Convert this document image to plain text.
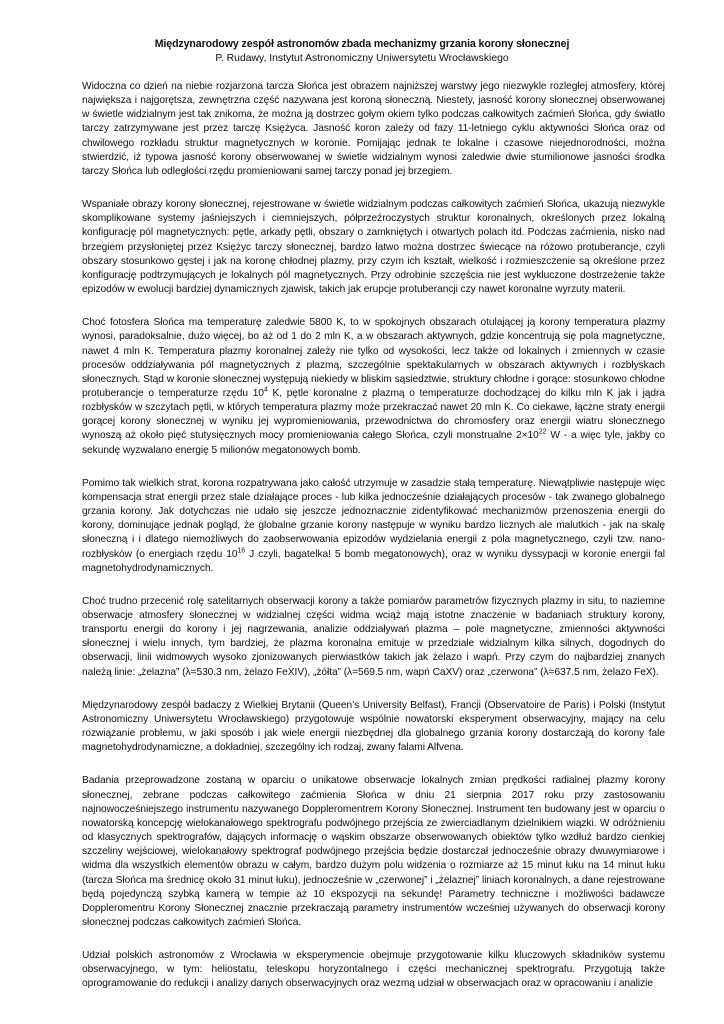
Międzynarodowy zespół astronomów zbada mechanizmy grzania korony słonecznej
P. Rudawy, Instytut Astronomiczny Uniwersytetu Wrocławskiego

Widoczna co dzień na niebie rozjarzona tarcza Słońca jest obrazem najniższej warstwy jego niezwykle rozległej atmosfery, której największa i najgorętsza, zewnętrzna część nazywana jest koroną słoneczną. Niestety, jasność korony słonecznej obserwowanej w świetle widzialnym jest tak znikoma, że można ją dostrzec gołym okiem tylko podczas całkowitych zaćmień Słońca, gdy światło tarczy zatrzymywane jest przez tarczę Księżyca. Jasność koron zależy od fazy 11-letniego cyklu aktywności Słońca oraz od chwilowego rozkładu struktur magnetycznych w koronie. Pomijając jednak te lokalne i czasowe niejednorodności, można stwierdzić, iż typowa jasność korony obserwowanej w świetle widzialnym wynosi zaledwie dwie stumilionowe jasności środka tarczy Słońca lub odległości rzędu promieniowani samej tarczy ponad jej brzegiem.

Wspaniałe obrazy korony słonecznej, rejestrowane w świetle widzialnym podczas całkowitych zaćmień Słońca, ukazują niezwykle skomplikowane systemy jaśniejszych i ciemniejszych, półprzeźroczystych struktur koronalnych, określonych przez lokalną konfigurację pól magnetycznych: pętle, arkady pętli, obszary o zamkniętych i otwartych polach itd. Podczas zaćmienia, nisko nad brzegiem przysłoniętej przez Księżyc tarczy słonecznej, bardzo łatwo można dostrzec świecące na różowo protuberancje, czyli obszary stosunkowo gęstej i jak na koronę chłodnej plazmy, przy czym ich kształt, wielkość i rozmieszczenie są określone przez konfigurację podtrzymujących je lokalnych pól magnetycznych. Przy odrobinie szczęścia nie jest wykluczone dostrzeżenie także epizodów w ewolucji bardziej dynamicznych zjawisk, takich jak erupcje protuberancji czy nawet koronalne wyrzuty materii.

Choć fotosfera Słońca ma temperaturę zaledwie 5800 K, to w spokojnych obszarach otulającej ją korony temperatura plazmy wynosi, paradoksalnie, dużo więcej, bo aż od 1 do 2 mln K, a w obszarach aktywnych, gdzie koncentrują się pola magnetyczne, nawet 4 mln K. Temperatura plazmy koronalnej zależy nie tylko od wysokości, lecz także od lokalnych i zmiennych w czasie procesów oddziaływania pól magnetycznych z plazmą, szczególnie spektakularnych w obszarach aktywnych i rozbłyskach słonecznych. Stąd w koronie słonecznej występują niekiedy w bliskim sąsiedztwie, struktury chłodne i gorące: stosunkowo chłodne protuberancje o temperaturze rzędu $10^4$ K, pętle koronalne z plazmą o temperaturze dochodzącej do kilku mln K jak i jądra rozbłysków w szczytach pętli, w których temperatura plazmy może przekraczać nawet 20 mln K. Co ciekawe, łączne straty energii gorącej korony słonecznej w wyniku jej wypromieniowania, przewodnictwa do chromosfery oraz energii wiatru słonecznego wynoszą aż około pięć stutysięcznych mocy promieniowania całego Słońca, czyli monstrualne $2\times 10^{22}$ W - a więc tyle, jakby co sekundę wyzwalano energię 5 milionów megatonowych bomb.

Pomimo tak wielkich strat, korona rozpatrywana jako całość utrzymuje w zasadzie stałą temperaturę. Niewątpliwie następuje więc kompensacja strat energii przez stale działające proces - lub kilka jednocześnie działających procesów - tak zwanego globalnego grzania korony. Jak dotychczas nie udało się jeszcze jednoznacznie zidentyfikować mechanizmów przenoszenia energii do korony, dominujące jednak pogląd, że globalne grzanie korony następuje w wyniku bardzo licznych ale malutkich - jak na skalę słoneczną i i dlatego niemożliwych do zaobserwowania epizodów wydzielania energii z pola magnetycznego, czyli tzw. nano-rozbłysków (o energiach rzędu $10^{16}$ J czyli, bagatelka! 5 bomb megatonowych), oraz w wyniku dyssypacji w koronie energii fal magnetohydrodynamicznych.

Choć trudno przecenić rolę satelitarnych obserwacji korony a także pomiarów parametrów fizycznych plazmy in situ, to naziemne obserwacje atmosfery słonecznej w widzialnej części widma wciąż mają istotne znaczenie w badaniach struktury korony, transportu energii do korony i jej nagrzewania, analizie oddziaływań plazma – pole magnetyczne, zmienności aktywności słonecznej i wielu innych, tym bardziej, że plazma koronalna emituje w przedziale widzialnym kilka silnych, dogodnych do obserwacji, linii widmowych wysoko zjonizowanych pierwiastków takich jak żelazo i wapń. Przy czym do najbardziej znanych należą linie: „żelazna” (λ=530.3 nm, żelazo FeXIV), „żółta” (λ=569.5 nm, wapń CaXV) oraz „czerwona” (λ=637.5 nm, żelazo FeX).

Międzynarodowy zespół badaczy z Wielkiej Brytanii (Queen’s University Belfast), Francji (Observatoire de Paris) i Polski (Instytut Astronomiczny Uniwersytetu Wrocławskiego) przygotowuje wspólnie nowatorski eksperyment obserwacyjny, mający na celu rozwiązanie problemu, w jaki sposób i jak wiele energii niezbędnej dla globalnego grzania korony dostarczają do korony fale magnetohydrodynamiczne, a dokładniej, szczególny ich rodzaj, zwany falami Alfvena.

Badania przeprowadzone zostaną w oparciu o unikatowe obserwacje lokalnych zmian prędkości radialnej plazmy korony słonecznej, zebrane podczas całkowitego zaćmienia Słońca w dniu 21 sierpnia 2017 roku przy zastosowaniu najnowocześniejszego instrumentu nazywanego Doppleromentrem Korony Słonecznej. Instrument ten budowany jest w oparciu o nowatorską koncepcję wielokanałowego spektrografu podwójnego przejścia ze zwierciadlanym dzielnikiem wiązki. W odróżnieniu od klasycznych spektrografów, dających informację o wąskim obszarze obserwowanych obiektów tylko wzdłuż bardzo cienkiej szczeliny wejściowej, wielokanałowy spektrograf podwójnego przejścia będzie dostarczał jednocześnie obrazy dwuwymiarowe i widma dla wszystkich elementów obrazu w całym, bardzo dużym polu widzenia o rozmiarze aż 15 minut łuku na 14 minut łuku (tarcza Słońca ma średnicę około 31 minut łuku), jednocześnie w „czerwonej” i „żelaznej” liniach koronalnych, a dane rejestrowane będą pojedynczą szybką kamerą w tempie aż 10 ekspozycji na sekundę! Parametry techniczne i możliwości badawcze Doppleromentru Korony Słonecznej znacznie przekraczają parametry instrumentów wcześniej używanych do obserwacji korony słonecznej podczas całkowitych zaćmień Słońca.

Udział polskich astronomów z Wrocławia w eksperymencie obejmuje przygotowanie kilku kluczowych składników systemu obserwacyjnego, w tym: heliostatu, teleskopu horyzontalnego i części mechanicznej spektrografu. Przygotują także oprogramowanie do redukcji i analizy danych obserwacyjnych oraz wezmą udział w obserwacjach oraz w opracowaniu i analizie
